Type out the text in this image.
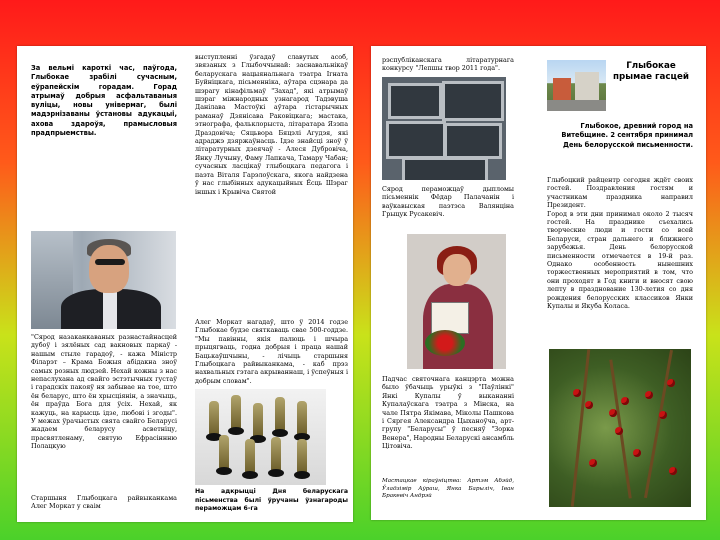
За вельмі кароткі час, паўгода, Глыбокае зрабілі сучасным, еўрапейскім горадам. Горад атрымаў добрыя асфальтаваныя вуліцы, новы універмаг, былі мадэрнізаваны ўстановы адукацыі, ахова здароўя, прамысловыя прадпрыемствы.

"Сярод назаканкаваных разнастайнасцей дубоў і зялёных сад вакновых паркаў - нашым стыле гарадоў, - кажа Міністр Філарэт – Крама Божыя абідакна зноў самых розных людзей. Нехай кожны з нас непаслухана ад свайго эстэтычных густаў і гарадскіх пакояў ня забывае на тое, што ён беларус, што ён хрысціянін, а значыць, ён праўда Бога для ўсіх. Нехай, як кажуць, на карысць ідзе, любові і згоды". У межах ўрачыстых свята свайго Беларусі жадаем беларусу асветніцу, прасвятленаму, святую Ефрасіннню Полацкую

Старшыня Глыбоцкага райвыканкама Алег Моркат у сваім

выступленні ўзгадаў славутых асоб, звязаных з Глыбоччынай: заснавальнікаў беларускага нацыянальнага тэатра Ігната Буйніцкага, пісьменніка, аўтара сцэнара да шэрагу кінафільмаў "Захад", які атрымаў шэраг міжнародных узнагарод Тадэвуша Данілава Мастоўкі аўтара гістарычных раманаў Дзянісава Раковіцкага; мастака, этнографа, фальклорыста, літаратара Язэпа Драздовіча; Сяцьвора Бяцэлі Агудэя, які адраджэ дзяржаўнасць. Ідзе знайсці зноў ў літаратурных дзеячаў - Алеся Дубровіча, Янку Лучыну, Фаму Лапкача, Тамару Чабан; сучасных ласцікаў глыбоцкага педагога і паэта Віталя Гарэлоўскага, якога найдзена ў нас глыбінных адукацыйных Ёсць Шэраг іншых і Крывіча Святой

Алег Моркат нагадаў, што ў 2014 годзе Глыбокае будзе святкаваць свае 500-годдзе. "Мы павінны, якія палюць і шчыра прыцягваць, годна добрыя і праца нашай Бацькаўшчыны, - лічыць старшыня Глыбоцкага райвыканкама, - каб прэз нахвальных гэтага акрываннаш, і ўспеўныя і добрым словам".

На адкрыцці Дня беларускага пісьменства былі ўручаны ўзнагароды пераможцам 6-га

рэспубліканскага літаратурнага конкурсу "Лепшы твор 2011 года".

Сярод пераможцаў дыпломы пісьменнік Фёдар Палачанін і ваўкавыская паэтэса Валянціна Грыцук Русакевіч.

Падчас святочнага канцэрта можна было ўбачыць урыўкі з "Паўлінкі" Янкі Купалы ў выкананні Купалаўскага тэатра з Мінска, на чале Пятра Якімава, Міколы Пашкова і Сяргея Александра Цыханоўча, арт-групу "Беларусы" ў песняў "Зорка Венера", Народны Беларускі ансамбль Цітовіча.

Мастацкае кіраўніцтва: Артэм Абэйд, Ўладзімір Аўраш, Янка Барыліч, Іван Бракевіч Андрэй

Глыбокае прымае гасцей

Глыбокое, древний город на Витебщине. 2 сентября принимал День белорусской письменности.

Глыбоцкий райцентр сегодня ждёт своих гостей. Поздравления гостям и участникам праздника направил Президент.
Город в эти дни принимал около 2 тысяч гостей. На празднике съехались творческие люди и гости со всей Беларуси, стран дальнего и ближнего зарубежья. День белорусской письменности отмечается в 19-й раз. Однако особенность нынешних торжественных мероприятий в том, что они проходят в Год книги и вносят свою лепту в празднование 130-летия со дня рождения белорусских классиков Янки Купалы и Якуба Коласа.
